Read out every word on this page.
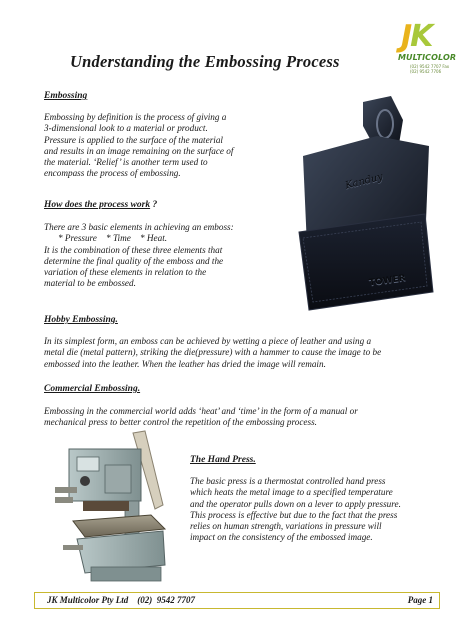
Understanding the Embossing Process
JK
MULTICOLOR
(02) 9542 7707 Fax (02) 9542 7706
Embossing
Embossing by definition is the process of giving a
3-dimensional look to a material or product.
Pressure is applied to the surface of the material
and results in an image remaining on the surface of
the material. ‘Relief’ is another term used to
encompass the process of embossing.
How does the process work ?
There are 3 basic elements in achieving an emboss:
* Pressure    * Time    * Heat.
It is the combination of these three elements that
determine the final quality of the emboss and the
variation of these elements in relation to the
material to be embossed.
Kanduy
TOWER
Hobby Embossing.
In its simplest form, an emboss can be achieved by wetting a piece of leather and using a
metal die (metal pattern), striking the die(pressure) with a hammer to cause the image to be
embossed into the leather. When the leather has dried the image will remain.
Commercial Embossing.
Embossing in the commercial world adds ‘heat’ and ‘time’ in the form of a manual or
mechanical press to better control the repetition of the embossing process.
The Hand Press.
The basic press is a thermostat controlled hand press
which heats the metal image to a specified temperature
and the operator pulls down on a lever to apply pressure.
This process is effective but due to the fact that the press
relies on human strength, variations in pressure will
impact on the consistency of the embossed image.
JK Multicolor Pty Ltd    (02)  9542 7707	Page 1
